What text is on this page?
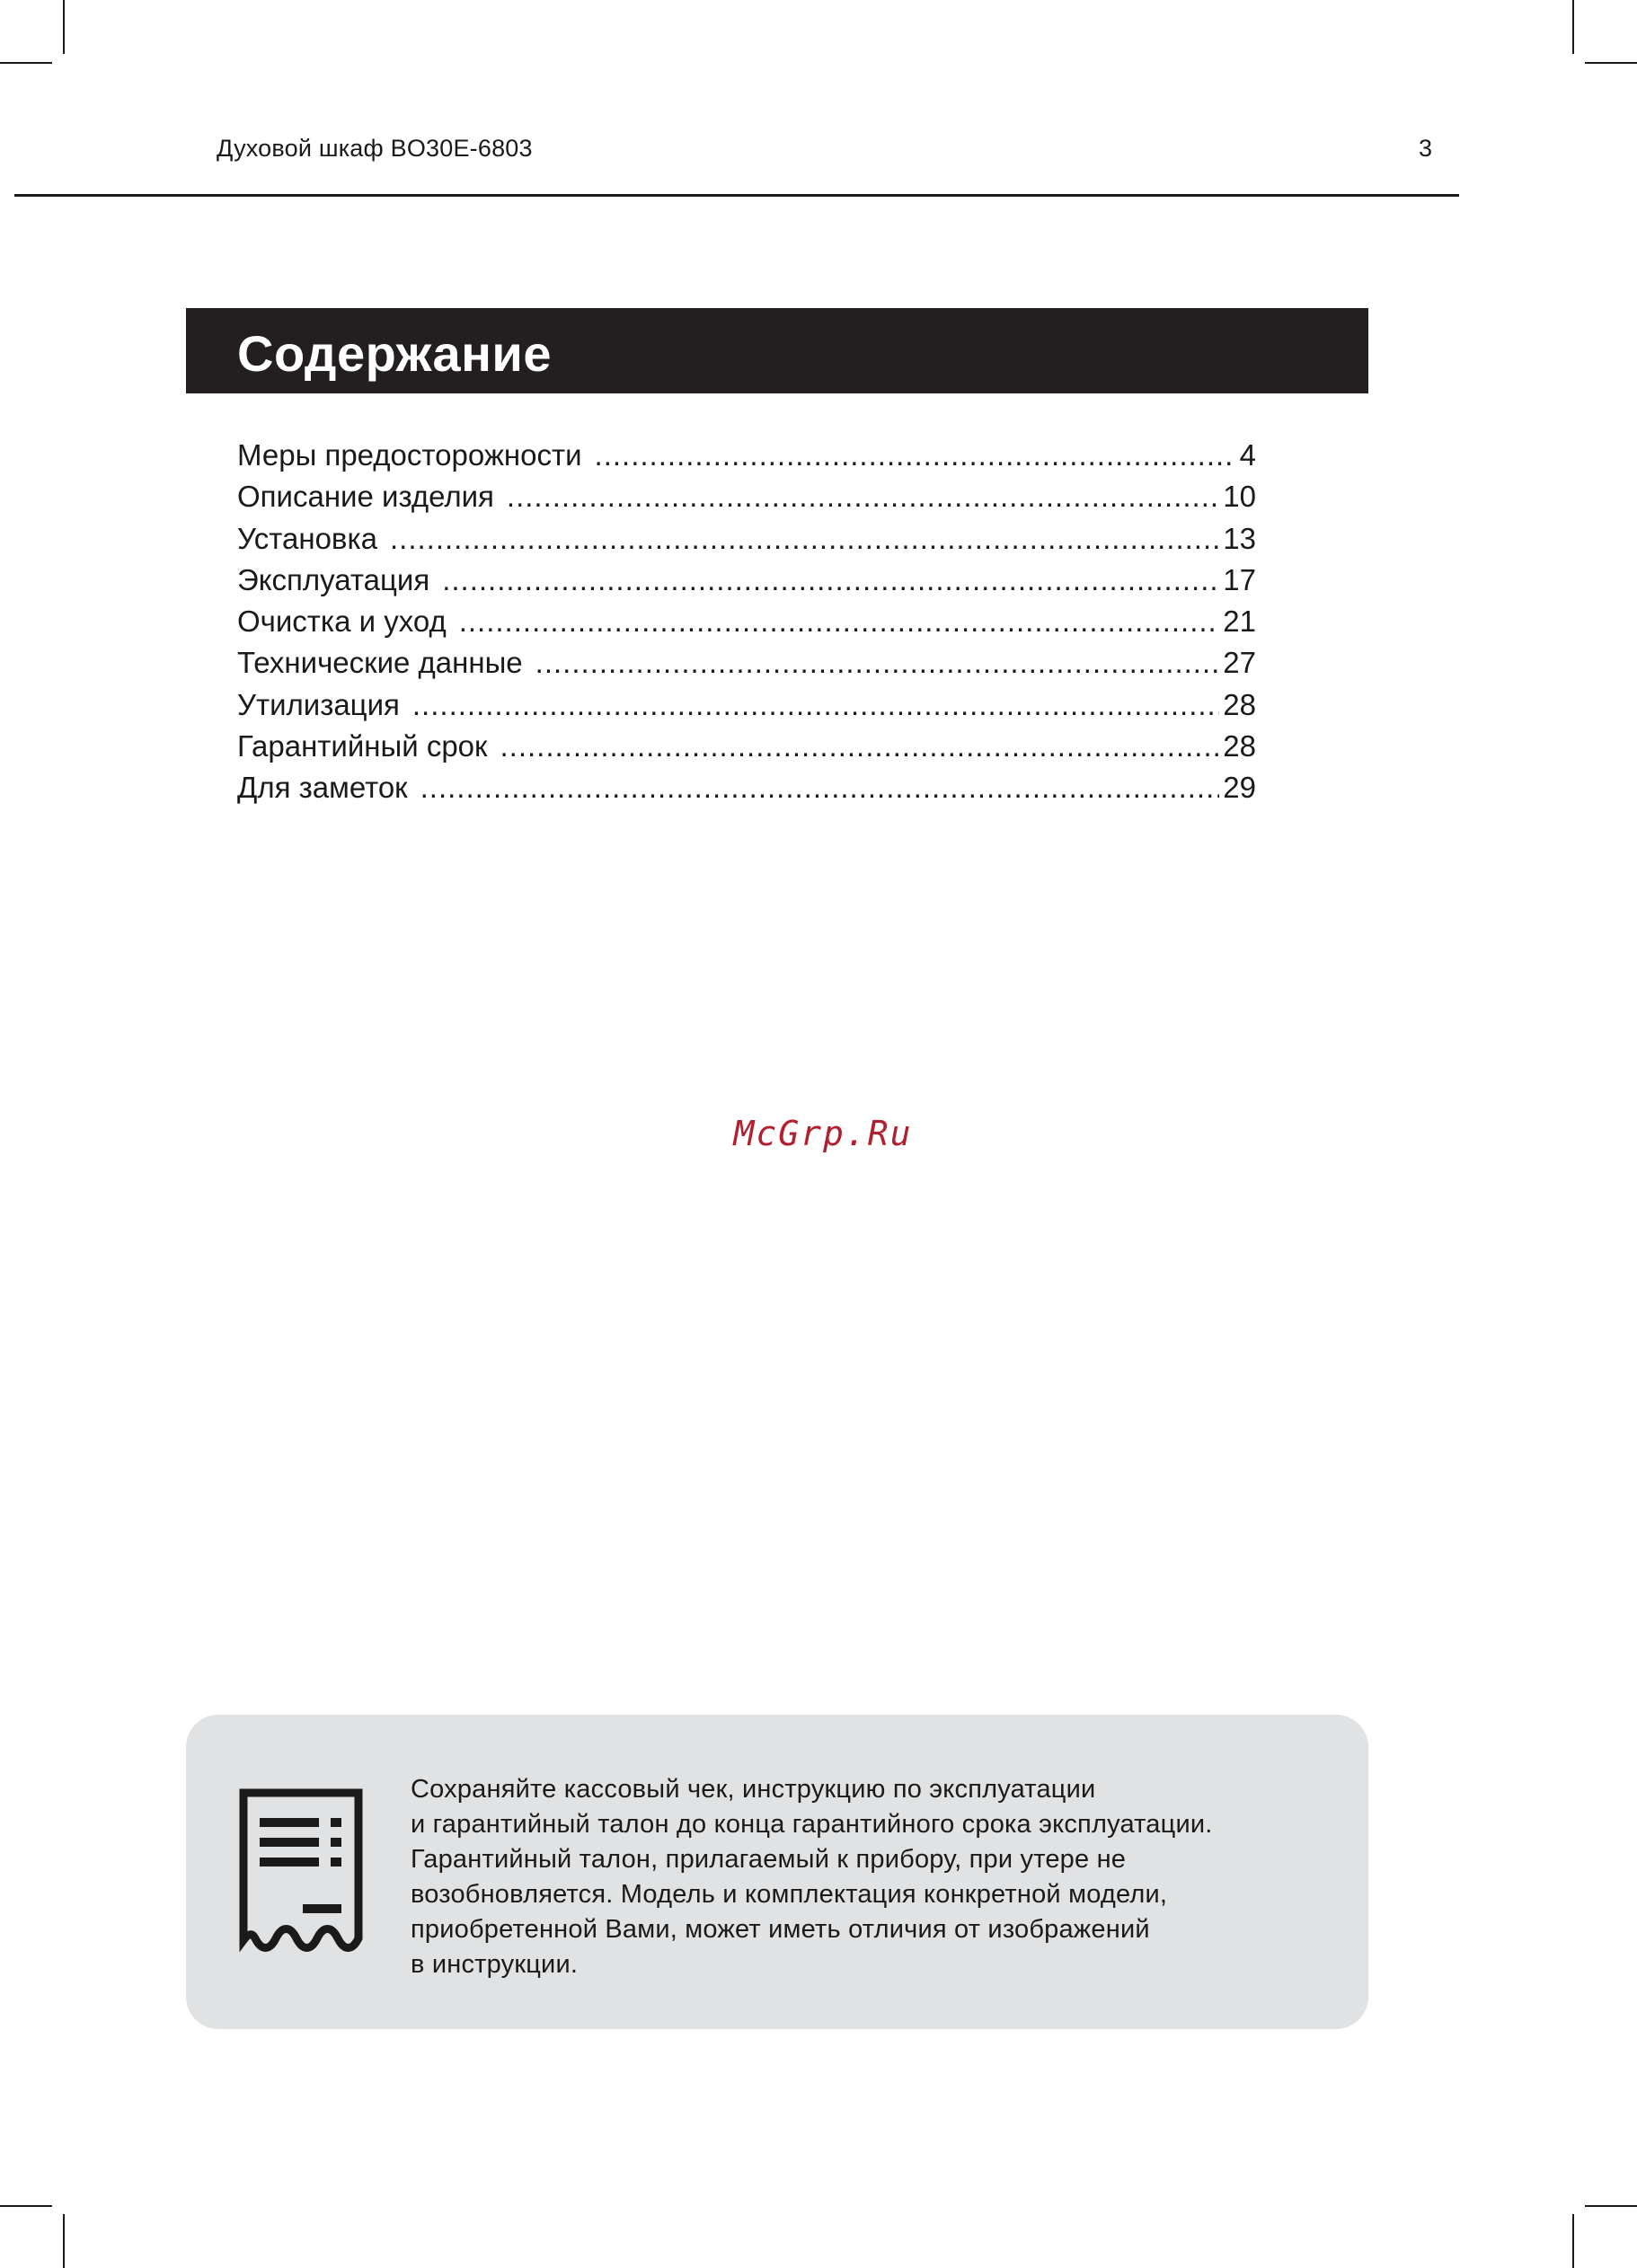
Духовой шкаф BO30E-6803	3
Содержание
Меры предосторожности .....	4
Описание изделия .....	10
Установка .....	13
Эксплуатация .....	17
Очистка и уход .....	21
Технические данные .....	27
Утилизация .....	28
Гарантийный срок .....	28
Для заметок .....	29
McGrp.Ru
Сохраняйте кассовый чек, инструкцию по эксплуатации
и гарантийный талон до конца гарантийного срока эксплуатации.
Гарантийный талон, прилагаемый к прибору, при утере не
возобновляется. Модель и комплектация конкретной модели,
приобретенной Вами, может иметь отличия от изображений
в инструкции.
